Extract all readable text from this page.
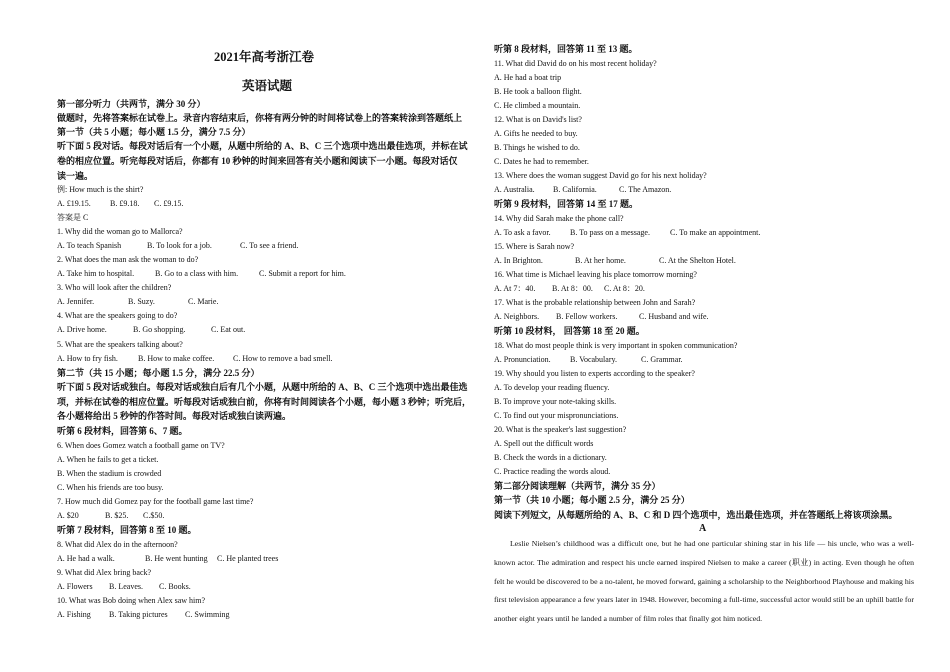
2021年高考浙江卷
英语试题
第一部分听力（共两节，满分 30 分）
做题时，先将答案标在试卷上。录音内容结束后，你将有两分钟的时间将试卷上的答案转涂到答题纸上
第一节（共 5 小题；每小题 1.5 分，满分 7.5 分）
听下面 5 段对话。每段对话后有一个小题，从题中所给的 A、B、C 三个选项中选出最佳选项，并标在试
卷的相应位置。听完每段对话后，你都有 10 秒钟的时间来回答有关小题和阅读下一小题。每段对话仅
读一遍。
例: How much is the shirt?
A. £19.15. B. £9.18. C. £9.15.
答案是 C
1. Why did the woman go to Mallorca?
A. To teach Spanish	B. To look for a job.	C. To see a friend.
2. What does the man ask the woman to do?
A. Take him to hospital.	B. Go to a class with him.	C. Submit a report for him.
3. Who will look after the children?
A. Jennifer.	B. Suzy.	C. Marie.
4. What are the speakers going to do?
A. Drive home.	B. Go shopping.	C. Eat out.
5. What are the speakers talking about?
A. How to fry fish.	B. How to make coffee. C. How to remove a bad smell.
第二节（共 15 小题；每小题 1.5 分，满分 22.5 分）
听下面 5 段对话或独白。每段对话或独白后有几个小题，从题中所给的 A、B、C 三个选项中选出最佳选
项，并标在试卷的相应位置。听每段对话或独白前，你将有时间阅读各个小题，每小题 3 秒钟；听完后，
各小题将给出 5 秒钟的作答时间。每段对话或独白读两遍。
听第 6 段材料，回答第 6、7 题。
6. When does Gomez watch a football game on TV?
A. When he fails to get a ticket.
B. When the stadium is crowded
C. When his friends are too busy.
7. How much did Gomez pay for the football game last time?
A. $20	B. $25. C.$50.
听第 7 段材料，回答第 8 至 10 题。
8. What did Alex do in the afternoon?
A. He had a walk.	B. He went hunting C. He planted trees
9. What did Alex bring back?
A. Flowers B. Leaves. C. Books.
10. What was Bob doing when Alex saw him?
A. Fishing B. Taking pictures C. Swimming
听第 8 段材料，回答第 11 至 13 题。
11. What did David do on his most recent holiday?
A. He had a boat trip
B. He took a balloon flight.
C. He climbed a mountain.
12. What is on David's list?
A. Gifts he needed to buy.
B. Things he wished to do.
C. Dates he had to remember.
13. Where does the woman suggest David go for his next holiday?
A. Australia. B. California.	C. The Amazon.
听第 9 段材料，回答第 14 至 17 题。
14. Why did Sarah make the phone call?
A. To ask a favor. B. To pass on a message.	C. To make an appointment.
15. Where is Sarah now?
A. In Brighton.	B. At her home.	C. At the Shelton Hotel.
16. What time is Michael leaving his place tomorrow morning?
A. At 7：40. B. At 8：00. C. At 8：20.
17. What is the probable relationship between John and Sarah?
A. Neighbors. B. Fellow workers.	C. Husband and wife.
听第 10 段材料， 回答第 18 至 20 题。
18. What do most people think is very important in spoken communication?
A. Pronunciation. B. Vocabulary.	C. Grammar.
19. Why should you listen to experts according to the speaker?
A. To develop your reading fluency.
B. To improve your note-taking skills.
C. To find out your mispronunciations.
20. What is the speaker's last suggestion?
A. Spell out the difficult words
B. Check the words in a dictionary.
C. Practice reading the words aloud.
第二部分阅读理解（共两节，满分 35 分）
第一节（共 10 小题；每小题 2.5 分，满分 25 分）
阅读下列短文，从每题所给的 A、B、C 和 D 四个选项中，选出最佳选项，并在答题纸上将该项涂黑。
A
Leslie Nielsen’s childhood was a difficult one, but he had one particular shining star in his life — his uncle, who was a well-known actor. The admiration and respect his uncle earned inspired Nielsen to make a career (职业) in acting. Even though he often felt he would be discovered to be a no-talent, he moved forward, gaining a scholarship to the Neighborhood Playhouse and making his first television appearance a few years later in 1948. However, becoming a full-time, successful actor would still be an uphill battle for another eight years until he landed a number of film roles that finally got him noticed.
